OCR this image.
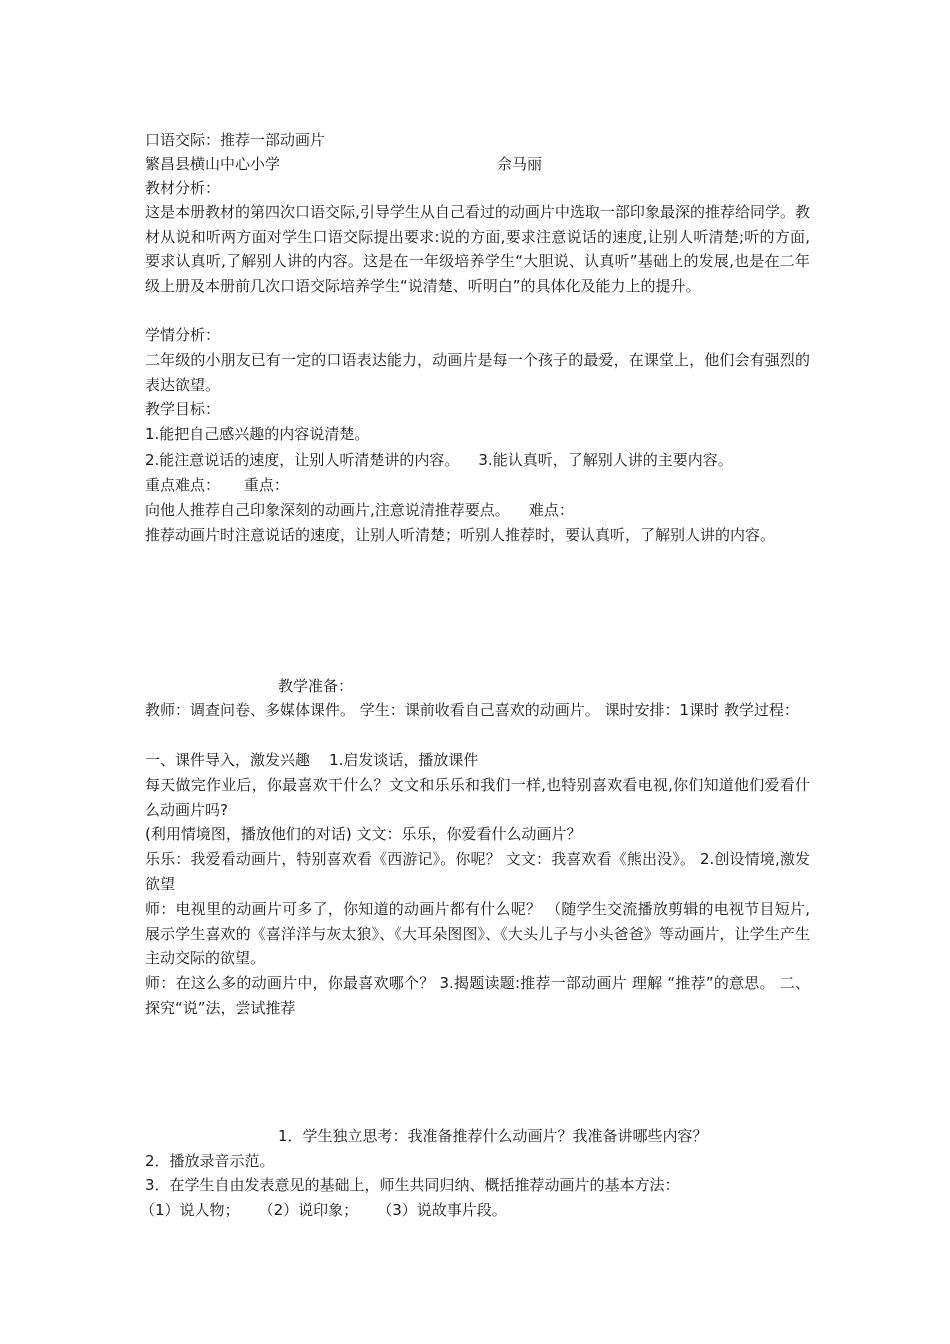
口语交际：推荐一部动画片

繁昌县横山中心小学	佘马丽

教材分析：

这是本册教材的第四次口语交际,引导学生从自己看过的动画片中选取一部印象最深的推荐给同学。教材从说和听两方面对学生口语交际提出要求:说的方面,要求注意说话的速度,让别人听清楚;听的方面,要求认真听,了解别人讲的内容。这是在一年级培养学生“大胆说、认真听”基础上的发展,也是在二年级上册及本册前几次口语交际培养学生“说清楚、听明白”的具体化及能力上的提升。

学情分析：

二年级的小朋友已有一定的口语表达能力，动画片是每一个孩子的最爱，在课堂上，他们会有强烈的表达欲望。

教学目标：

1.能把自己感兴趣的内容说清楚。

2.能注意说话的速度，让别人听清楚讲的内容。    3.能认真听，了解别人讲的主要内容。

重点难点：     重点：

向他人推荐自己印象深刻的动画片,注意说清推荐要点。    难点：

推荐动画片时注意说话的速度，让别人听清楚；听别人推荐时，要认真听，了解别人讲的内容。

教学准备：

教师：调查问卷、多媒体课件。 学生：课前收看自己喜欢的动画片。 课时安排：1课时 教学过程：

一、课件导入，激发兴趣    1.启发谈话，播放课件

每天做完作业后，你最喜欢干什么？文文和乐乐和我们一样,也特别喜欢看电视,你们知道他们爱看什么动画片吗?

(利用情境图，播放他们的对话) 文文：乐乐，你爱看什么动画片？

乐乐：我爱看动画片，特别喜欢看《西游记》。你呢？ 文文：我喜欢看《熊出没》。 2.创设情境,激发欲望

师：电视里的动画片可多了，你知道的动画片都有什么呢？ （随学生交流播放剪辑的电视节目短片,展示学生喜欢的《喜洋洋与灰太狼》、《大耳朵图图》、《大头儿子与小头爸爸》等动画片，让学生产生主动交际的欲望。

师：在这么多的动画片中，你最喜欢哪个？ 3.揭题读题:推荐一部动画片 理解 “推荐”的意思。 二、探究“说”法，尝试推荐

1．学生独立思考：我准备推荐什么动画片？我准备讲哪些内容？

2．播放录音示范。

3．在学生自由发表意见的基础上，师生共同归纳、概括推荐动画片的基本方法：

（1）说人物；    （2）说印象；    （3）说故事片段。
